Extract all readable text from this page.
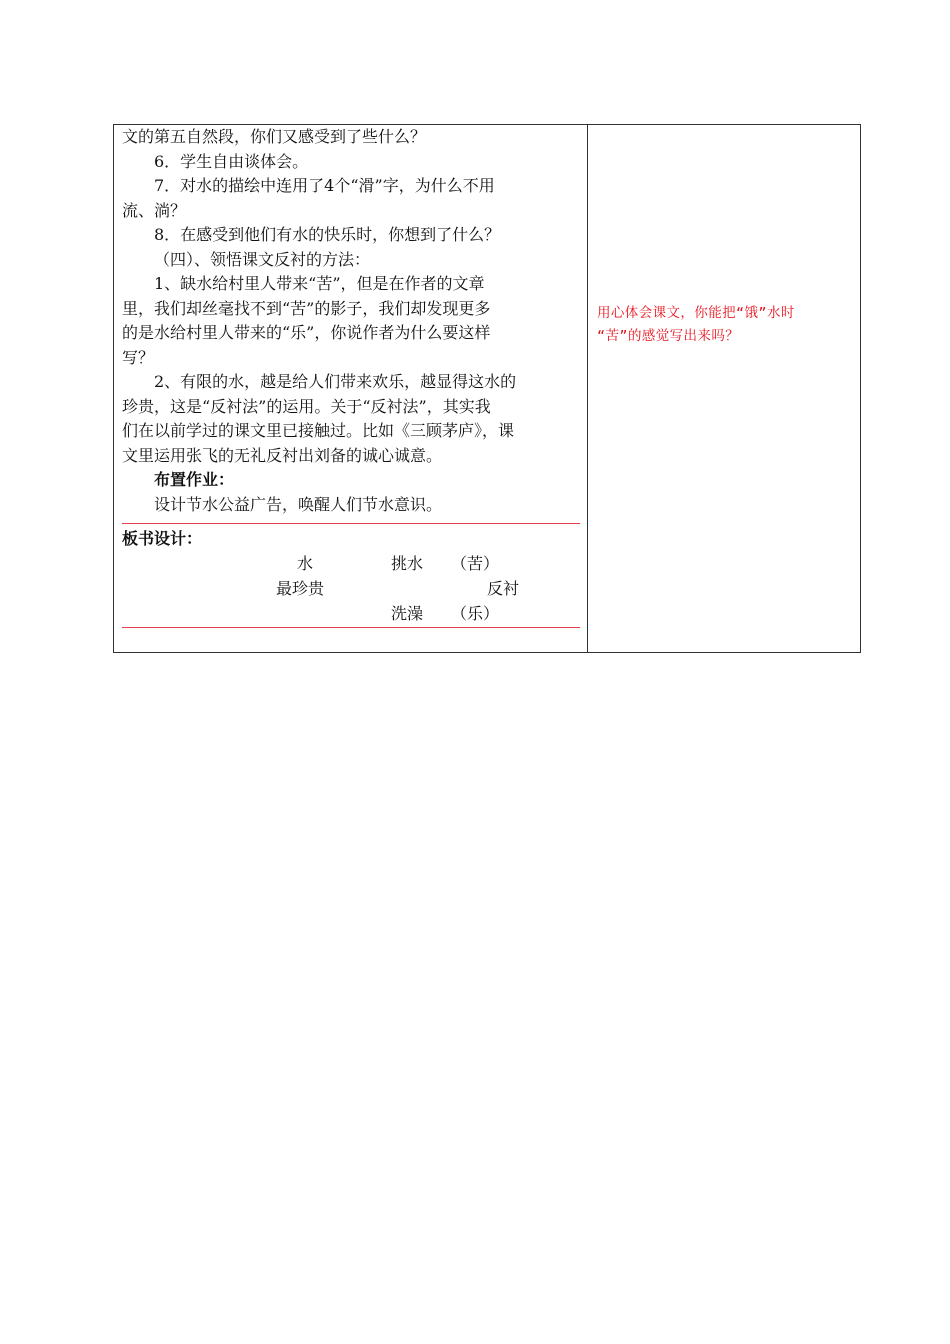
文的第五自然段，你们又感受到了些什么？
6．学生自由谈体会。
7．对水的描绘中连用了4个“滑”字，为什么不用
流、淌？
8．在感受到他们有水的快乐时，你想到了什么？
（四）、领悟课文反衬的方法：
1、缺水给村里人带来“苦”，但是在作者的文章
里，我们却丝毫找不到“苦”的影子，我们却发现更多
的是水给村里人带来的“乐”，你说作者为什么要这样
写？
2、有限的水，越是给人们带来欢乐，越显得这水的
珍贵，这是“反衬法”的运用。关于“反衬法”，其实我
们在以前学过的课文里已接触过。比如《三顾茅庐》，课
文里运用张飞的无礼反衬出刘备的诚心诚意。
布置作业：
设计节水公益广告，唤醒人们节水意识。
板书设计：
水	挑水 （苦）
最珍贵	反衬
洗澡 （乐）
用心体会课文，你能把“饿”水时
“苦”的感觉写出来吗？
